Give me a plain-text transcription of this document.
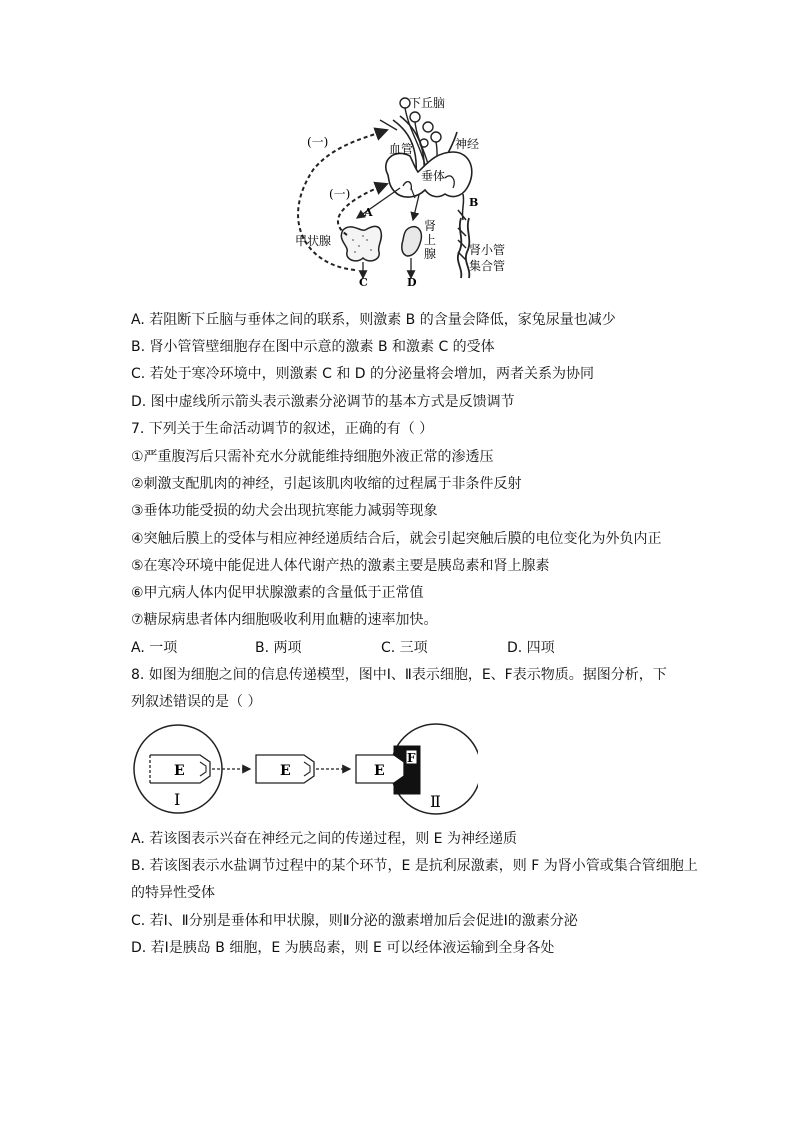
下丘脑
血管	神经
(一)
(一)
垂体
A
B
C	D
甲状腺
肾
上
腺	肾小管
集合管
A. 若阻断下丘脑与垂体之间的联系，则激素 B 的含量会降低，家兔尿量也减少
B. 肾小管管壁细胞存在图中示意的激素 B 和激素 C 的受体
C. 若处于寒冷环境中，则激素 C 和 D 的分泌量将会增加，两者关系为协同
D. 图中虚线所示箭头表示激素分泌调节的基本方式是反馈调节
7. 下列关于生命活动调节的叙述，正确的有（ ）
①严重腹泻后只需补充水分就能维持细胞外液正常的渗透压
②刺激支配肌肉的神经，引起该肌肉收缩的过程属于非条件反射
③垂体功能受损的幼犬会出现抗寒能力减弱等现象
④突触后膜上的受体与相应神经递质结合后，就会引起突触后膜的电位变化为外负内正
⑤在寒冷环境中能促进人体代谢产热的激素主要是胰岛素和肾上腺素
⑥甲亢病人体内促甲状腺激素的含量低于正常值
⑦糖尿病患者体内细胞吸收利用血糖的速率加快。
A. 一项	B. 两项	C. 三项	D. 四项
8. 如图为细胞之间的信息传递模型，图中Ⅰ、Ⅱ表示细胞，E、F表示物质。据图分析，下
列叙述错误的是（ ）
E	E	E
F
Ⅰ	Ⅱ
A. 若该图表示兴奋在神经元之间的传递过程，则 E 为神经递质
B. 若该图表示水盐调节过程中的某个环节，E 是抗利尿激素，则 F 为肾小管或集合管细胞上
的特异性受体
C. 若Ⅰ、Ⅱ分别是垂体和甲状腺，则Ⅱ分泌的激素增加后会促进Ⅰ的激素分泌
D. 若Ⅰ是胰岛 B 细胞，E 为胰岛素，则 E 可以经体液运输到全身各处
